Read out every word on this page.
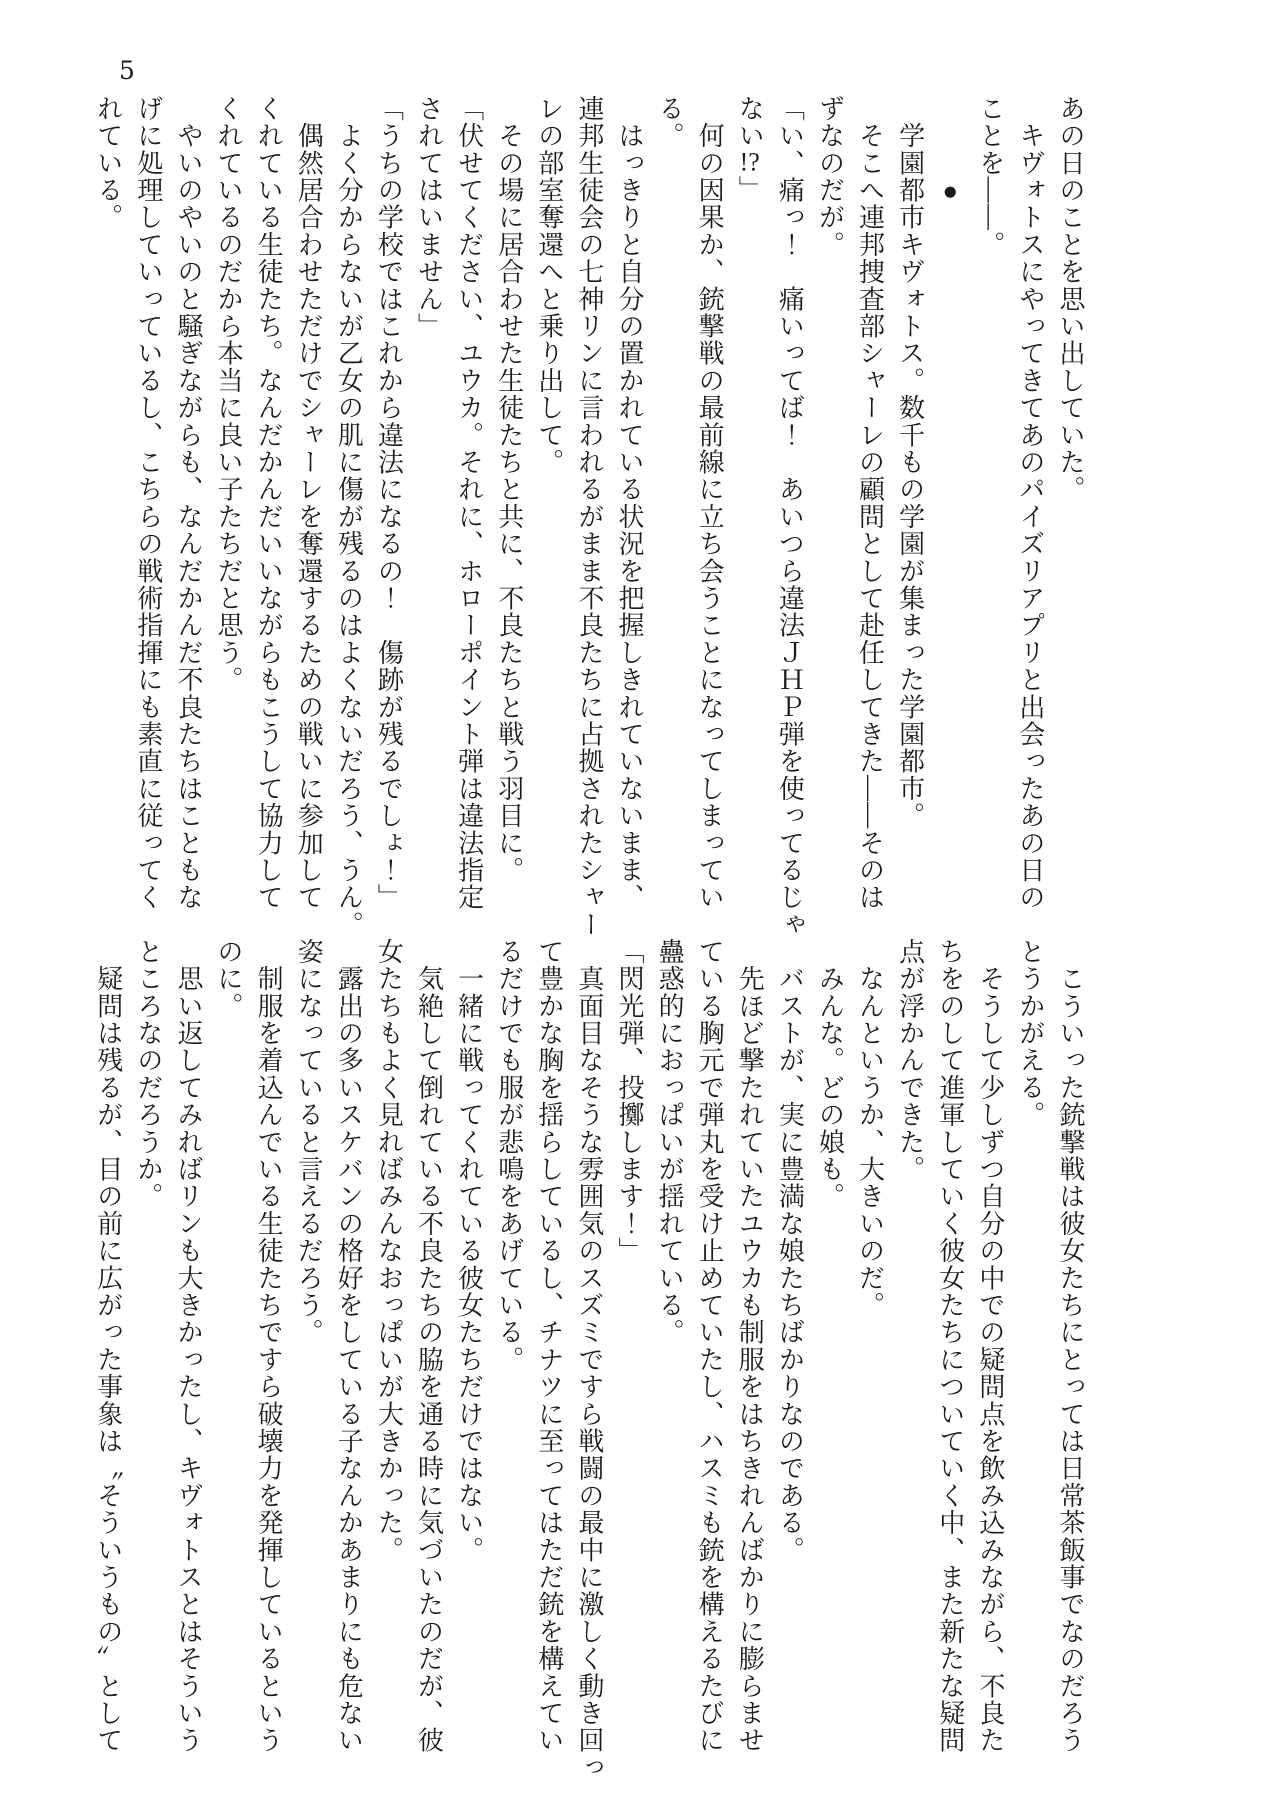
5

あの日のことを思い出していた。

　キヴォトスにやってきてあのパイズリアプリと出会ったあの日の

ことを――。

　　　●

　学園都市キヴォトス。数千もの学園が集まった学園都市。

　そこへ連邦捜査部シャーレの顧問として赴任してきた――そのは

ずなのだが。

「い、痛っ！　痛いってば！　あいつら違法ＪＨＰ弾を使ってるじゃ

ない!?」

　何の因果か、銃撃戦の最前線に立ち会うことになってしまってい

る。

　はっきりと自分の置かれている状況を把握しきれていないまま、

連邦生徒会の七神リンに言われるがまま不良たちに占拠されたシャー

レの部室奪還へと乗り出して。

　その場に居合わせた生徒たちと共に、不良たちと戦う羽目に。

「伏せてください、ユウカ。それに、ホローポイント弾は違法指定

されてはいません」

「うちの学校ではこれから違法になるの！　傷跡が残るでしょ！」

　よく分からないが乙女の肌に傷が残るのはよくないだろう、うん。

　偶然居合わせただけでシャーレを奪還するための戦いに参加して

くれている生徒たち。なんだかんだいいながらもこうして協力して

くれているのだから本当に良い子たちだと思う。

　やいのやいのと騒ぎながらも、なんだかんだ不良たちはこともな

げに処理していっているし、こちらの戦術指揮にも素直に従ってく

れている。

　こういった銃撃戦は彼女たちにとっては日常茶飯事でなのだろう

とうかがえる。

　そうして少しずつ自分の中での疑問点を飲み込みながら、不良た

ちをのして進軍していく彼女たちについていく中、また新たな疑問

点が浮かんできた。

　なんというか、大きいのだ。

　みんな。どの娘も。

　バストが、実に豊満な娘たちばかりなのである。

　先ほど撃たれていたユウカも制服をはちきれんばかりに膨らませ

ている胸元で弾丸を受け止めていたし、ハスミも銃を構えるたびに

蠱惑的におっぱいが揺れている。

「閃光弾、投擲します！」

　真面目なそうな雰囲気のスズミですら戦闘の最中に激しく動き回っ

て豊かな胸を揺らしているし、チナツに至ってはただ銃を構えてい

るだけでも服が悲鳴をあげている。

　一緒に戦ってくれている彼女たちだけではない。

　気絶して倒れている不良たちの脇を通る時に気づいたのだが、彼

女たちもよく見ればみんなおっぱいが大きかった。

　露出の多いスケバンの格好をしている子なんかあまりにも危ない

姿になっていると言えるだろう。

　制服を着込んでいる生徒たちですら破壊力を発揮しているという

のに。

　思い返してみればリンも大きかったし、キヴォトスとはそういう

ところなのだろうか。

　疑問は残るが、目の前に広がった事象は〝そういうもの〟として
